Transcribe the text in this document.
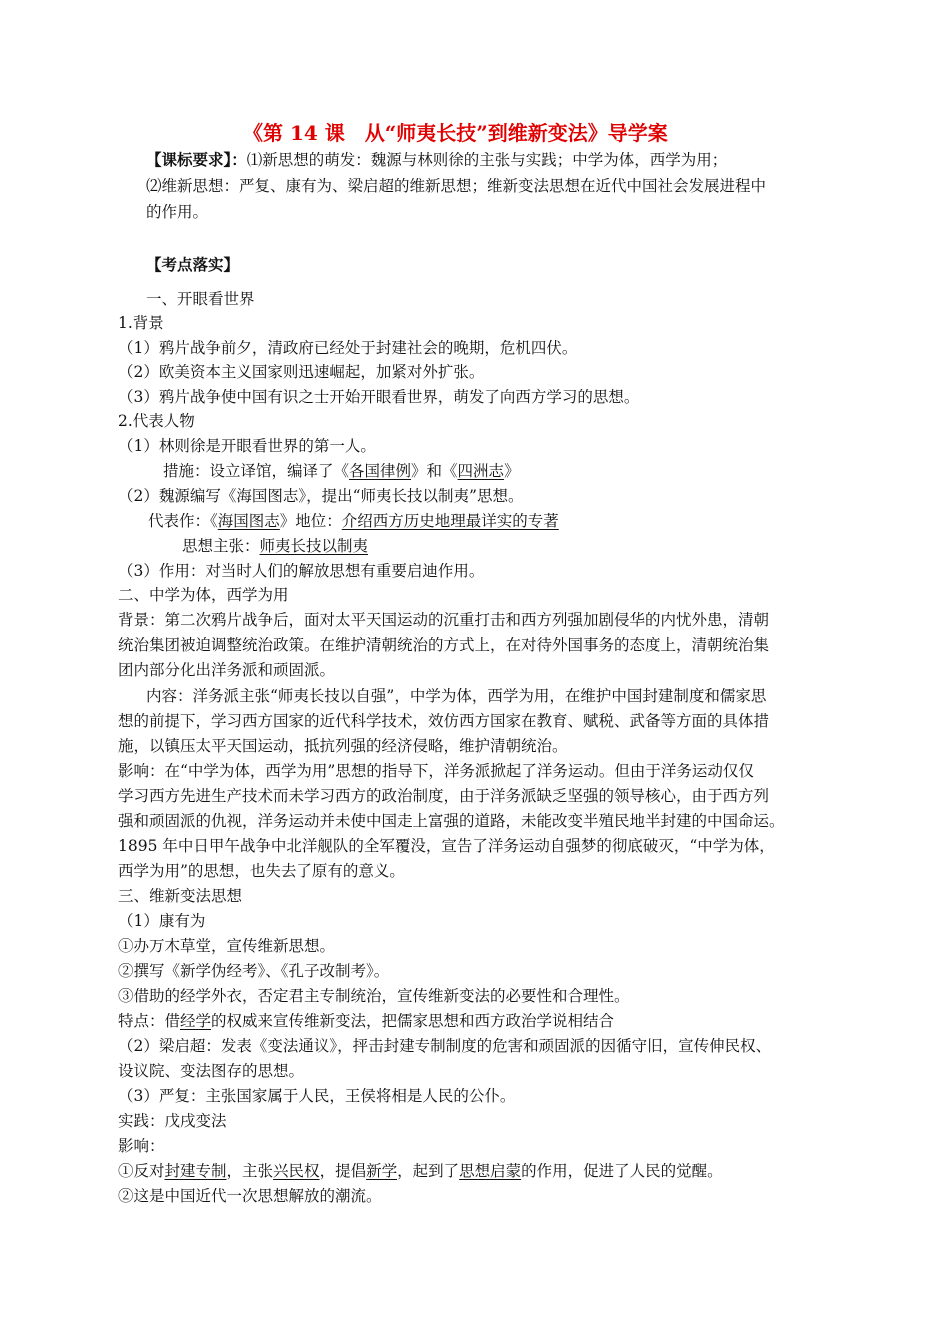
《第 14 课　从“师夷长技”到维新变法》导学案
【课标要求】：⑴新思想的萌发：魏源与林则徐的主张与实践；中学为体，西学为用；
⑵维新思想：严复、康有为、梁启超的维新思想；维新变法思想在近代中国社会发展进程中
的作用。
【考点落实】
一、开眼看世界
1.背景
（1）鸦片战争前夕，清政府已经处于封建社会的晚期，危机四伏。
（2）欧美资本主义国家则迅速崛起，加紧对外扩张。
（3）鸦片战争使中国有识之士开始开眼看世界，萌发了向西方学习的思想。
2.代表人物
（1）林则徐是开眼看世界的第一人。
措施：设立译馆，编译了《各国律例》和《四洲志》
（2）魏源编写《海国图志》，提出“师夷长技以制夷”思想。
代表作：《海国图志》地位：介绍西方历史地理最详实的专著
思想主张：师夷长技以制夷
（3）作用：对当时人们的解放思想有重要启迪作用。
二、中学为体，西学为用
背景：第二次鸦片战争后，面对太平天国运动的沉重打击和西方列强加剧侵华的内忧外患，清朝
统治集团被迫调整统治政策。在维护清朝统治的方式上，在对待外国事务的态度上，清朝统治集
团内部分化出洋务派和顽固派。
内容：洋务派主张“师夷长技以自强”，中学为体，西学为用，在维护中国封建制度和儒家思
想的前提下，学习西方国家的近代科学技术，效仿西方国家在教育、赋税、武备等方面的具体措
施，以镇压太平天国运动，抵抗列强的经济侵略，维护清朝统治。
影响：在“中学为体，西学为用”思想的指导下，洋务派掀起了洋务运动。但由于洋务运动仅仅
学习西方先进生产技术而未学习西方的政治制度，由于洋务派缺乏坚强的领导核心，由于西方列
强和顽固派的仇视，洋务运动并未使中国走上富强的道路，未能改变半殖民地半封建的中国命运。
1895 年中日甲午战争中北洋舰队的全军覆没，宣告了洋务运动自强梦的彻底破灭，“中学为体，
西学为用”的思想，也失去了原有的意义。
三、维新变法思想
（1）康有为
①办万木草堂，宣传维新思想。
②撰写《新学伪经考》、《孔子改制考》。
③借助的经学外衣，否定君主专制统治，宣传维新变法的必要性和合理性。
特点：借经学的权威来宣传维新变法，把儒家思想和西方政治学说相结合
（2）梁启超：发表《变法通议》，抨击封建专制制度的危害和顽固派的因循守旧，宣传伸民权、
设议院、变法图存的思想。
（3）严复：主张国家属于人民，王侯将相是人民的公仆。
实践：戊戌变法
影响：
①反对封建专制，主张兴民权，提倡新学，起到了思想启蒙的作用，促进了人民的觉醒。
②这是中国近代一次思想解放的潮流。
